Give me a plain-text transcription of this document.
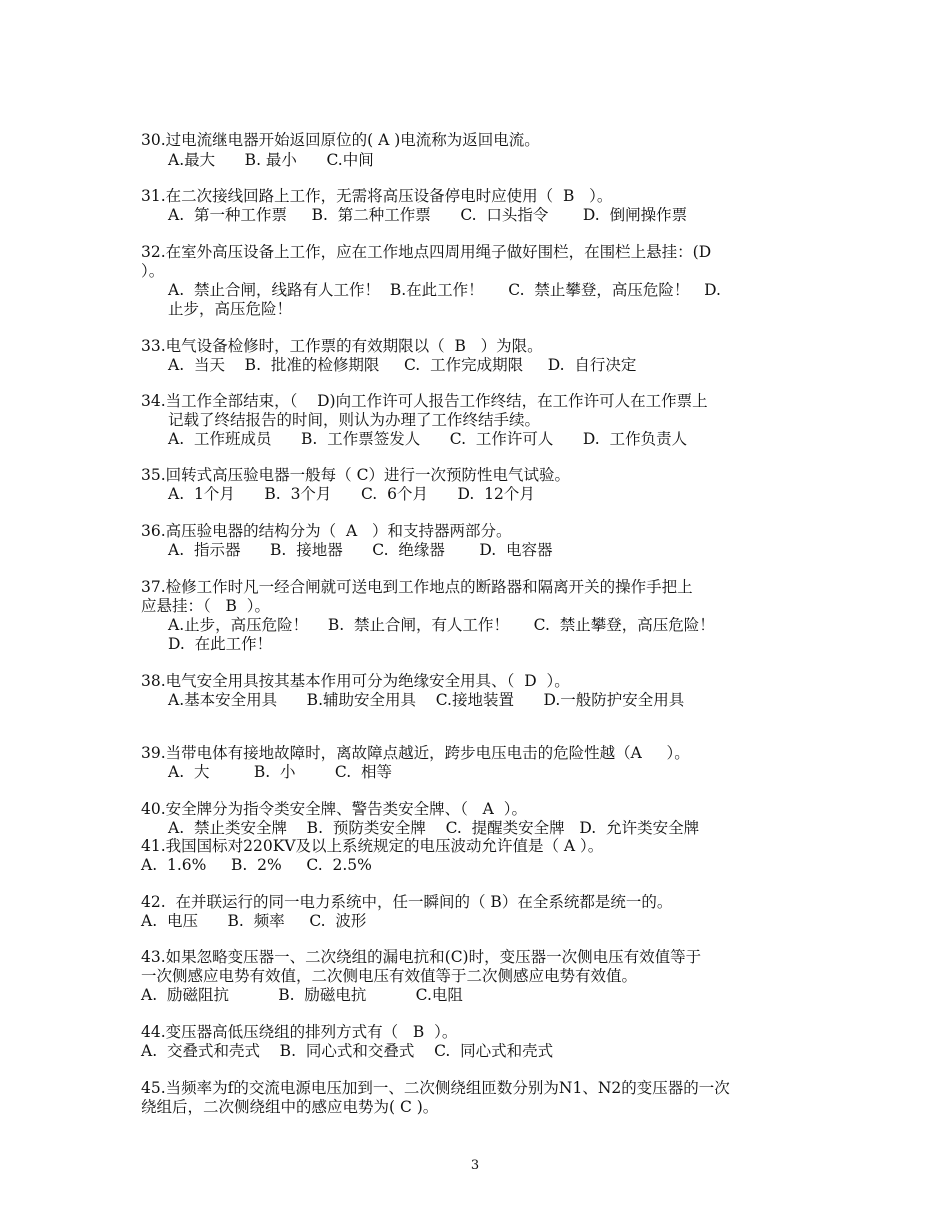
30.过电流继电器开始返回原位的( A )电流称为返回电流。
A.最大      B. 最小      C.中间
31.在二次接线回路上工作，无需将高压设备停电时应使用（  B   ）。
A.  第一种工作票     B.  第二种工作票      C.  口头指令       D.  倒闸操作票
32.在室外高压设备上工作，应在工作地点四周用绳子做好围栏，在围栏上悬挂：(D
）。
A.  禁止合闸，线路有人工作！  B.在此工作！     C.  禁止攀登，高压危险！   D.
止步，高压危险！
33.电气设备检修时，工作票的有效期限以（  B   ）为限。
A.  当天    B.  批准的检修期限     C.  工作完成期限     D.  自行决定
34.当工作全部结束，（    D)向工作许可人报告工作终结，在工作许可人在工作票上
记载了终结报告的时间，则认为办理了工作终结手续。
A.  工作班成员      B.  工作票签发人      C.  工作许可人      D.  工作负责人
35.回转式高压验电器一般每（ C）进行一次预防性电气试验。
A.  1个月      B.  3个月      C.  6个月      D.  12个月
36.高压验电器的结构分为（  A   ）和支持器两部分。
A.  指示器      B.  接地器      C.  绝缘器       D.  电容器
37.检修工作时凡一经合闸就可送电到工作地点的断路器和隔离开关的操作手把上
应悬挂：（   B  ）。
A.止步，高压危险！    B.  禁止合闸，有人工作！     C.  禁止攀登，高压危险！
D.  在此工作！
38.电气安全用具按其基本作用可分为绝缘安全用具、（  D  ）。
A.基本安全用具      B.辅助安全用具    C.接地装置      D.一般防护安全用具
39.当带电体有接地故障时，离故障点越近，跨步电压电击的危险性越（A     ）。
A.  大         B.  小        C.  相等
40.安全牌分为指令类安全牌、警告类安全牌、（   A  ）。
A.  禁止类安全牌    B.  预防类安全牌    C.  提醒类安全牌   D.  允许类安全牌
41.我国国标对220KV及以上系统规定的电压波动允许值是（ A ）。
A.  1.6%     B.  2%     C.  2.5%
42.  在并联运行的同一电力系统中，任一瞬间的（ B）在全系统都是统一的。
A.  电压      B.  频率     C.  波形
43.如果忽略变压器一、二次绕组的漏电抗和(C)时，变压器一次侧电压有效值等于
一次侧感应电势有效值，二次侧电压有效值等于二次侧感应电势有效值。
A.  励磁阻抗          B.  励磁电抗          C.电阻
44.变压器高低压绕组的排列方式有（   B  ）。
A.  交叠式和壳式    B.  同心式和交叠式    C.  同心式和壳式
45.当频率为f的交流电源电压加到一、二次侧绕组匝数分别为N1、N2的变压器的一次
绕组后，二次侧绕组中的感应电势为( C )。
3
